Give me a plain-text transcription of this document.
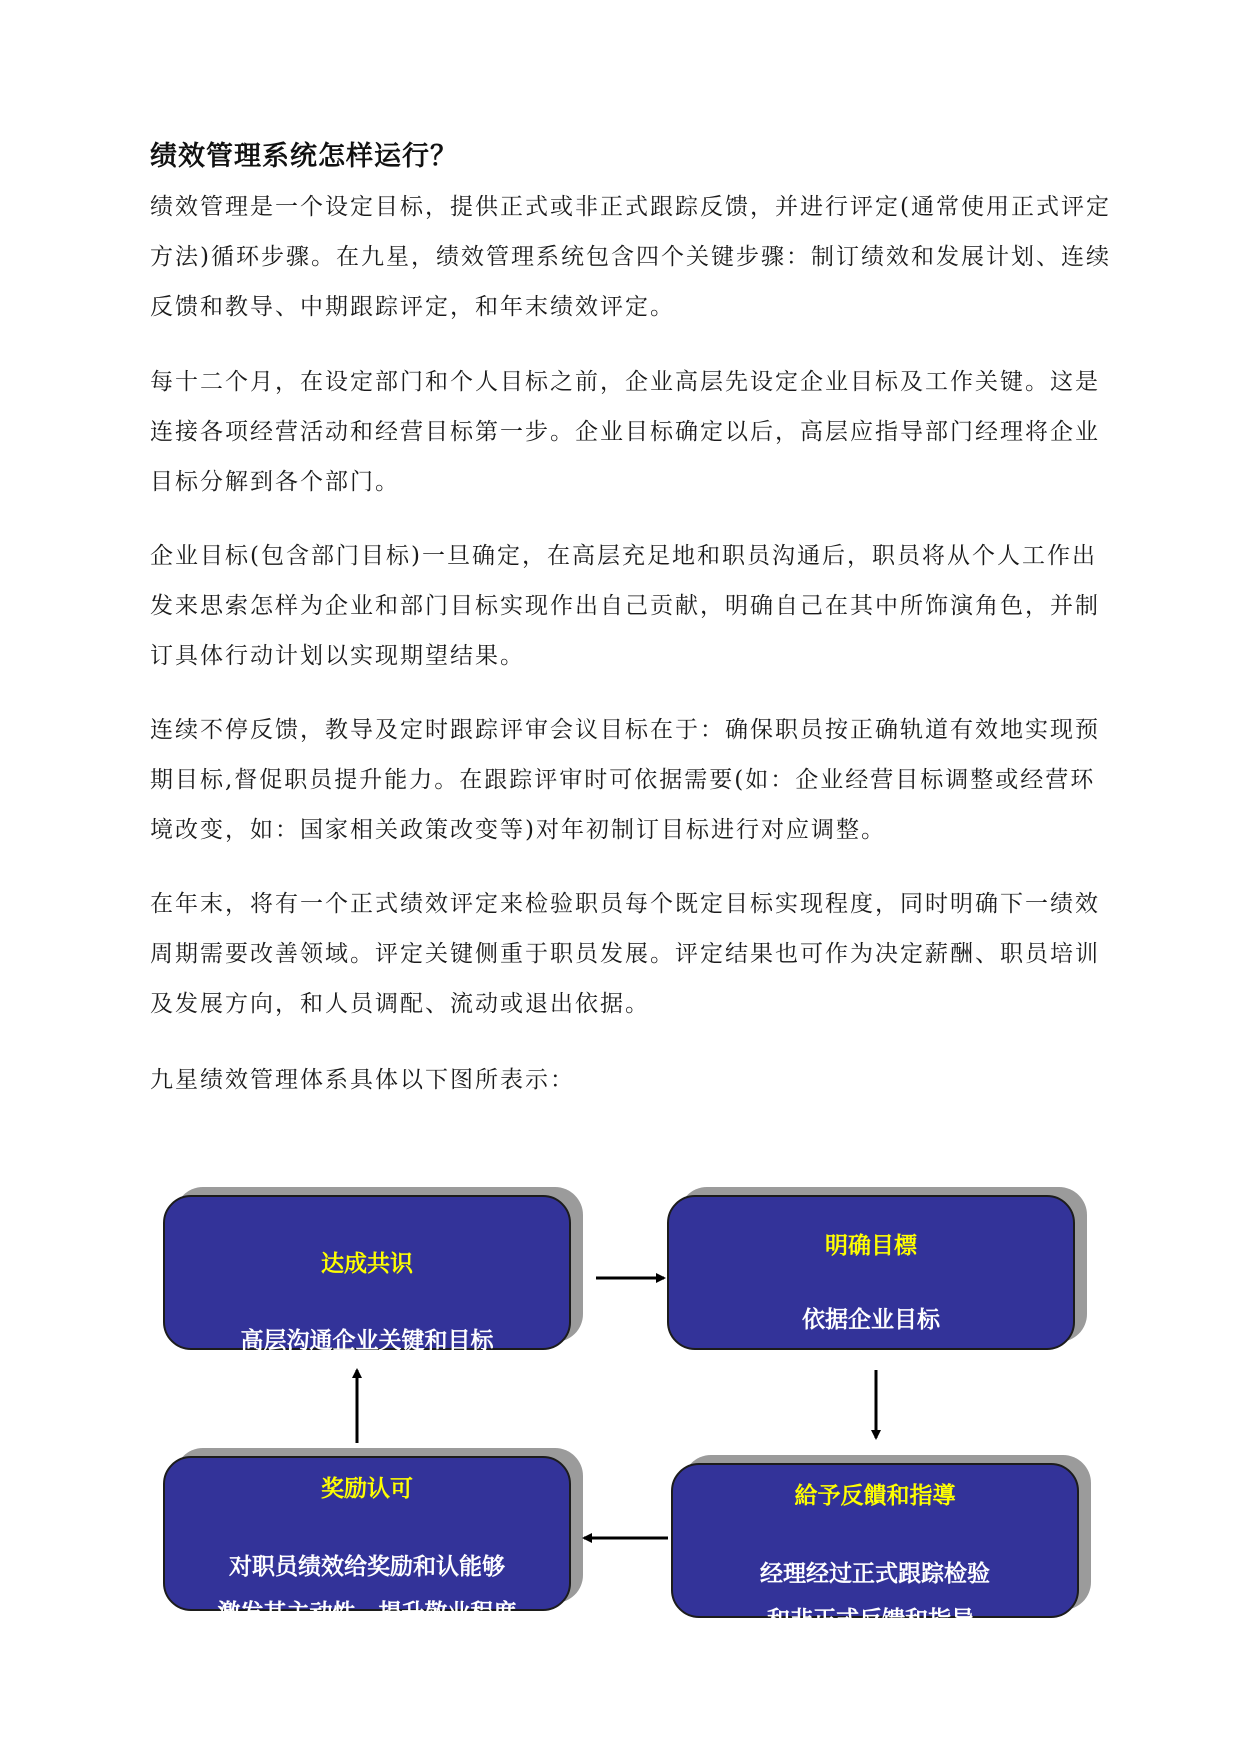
绩效管理系统怎样运行？

绩效管理是一个设定目标，提供正式或非正式跟踪反馈，并进行评定(通常使用正式评定方法)循环步骤。在九星，绩效管理系统包含四个关键步骤：制订绩效和发展计划、连续反馈和教导、中期跟踪评定，和年末绩效评定。

每十二个月，在设定部门和个人目标之前，企业高层先设定企业目标及工作关键。这是连接各项经营活动和经营目标第一步。企业目标确定以后，高层应指导部门经理将企业目标分解到各个部门。

企业目标(包含部门目标)一旦确定，在高层充足地和职员沟通后，职员将从个人工作出发来思索怎样为企业和部门目标实现作出自己贡献，明确自己在其中所饰演角色，并制订具体行动计划以实现期望结果。

连续不停反馈，教导及定时跟踪评审会议目标在于：确保职员按正确轨道有效地实现预期目标,督促职员提升能力。在跟踪评审时可依据需要(如：企业经营目标调整或经营环境改变，如：国家相关政策改变等)对年初制订目标进行对应调整。

在年末，将有一个正式绩效评定来检验职员每个既定目标实现程度，同时明确下一绩效周期需要改善领域。评定关键侧重于职员发展。评定结果也可作为决定薪酬、职员培训及发展方向，和人员调配、流动或退出依据。

九星绩效管理体系具体以下图所表示：

达成共识
高层沟通企业关键和目标
明确目標
依据企业目标
奖励认可
对职员绩效给奖励和认能够
激发其主动性，提升敬业程度
給予反饋和指導
经理经过正式跟踪检验
和非正式反馈和指导,
